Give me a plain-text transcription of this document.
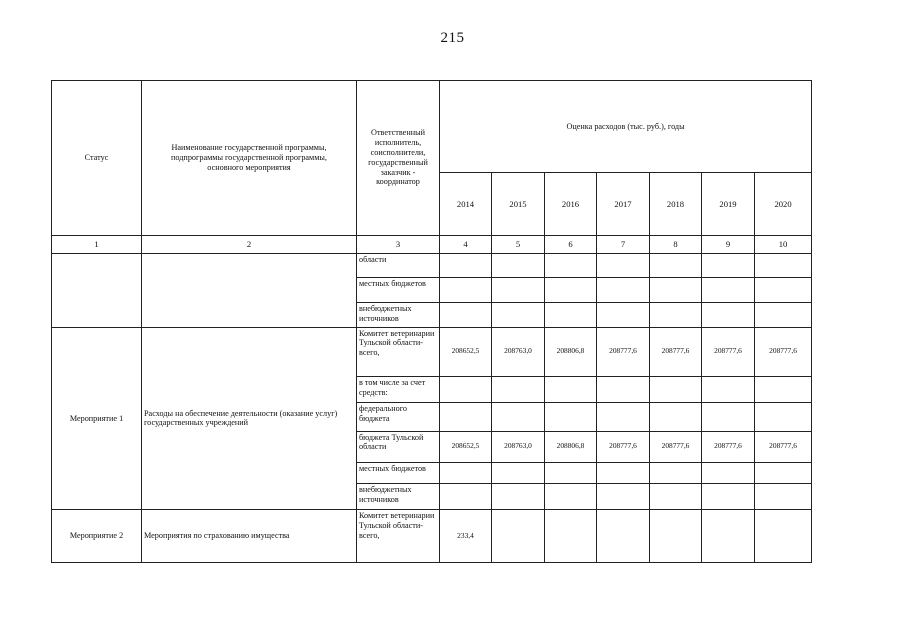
215
Статус	Наименование государственной программы, подпрограммы государственной программы, основного мероприятия	Ответственный исполнитель, соисполнители, государственный заказчик - координатор	Оценка расходов (тыс. руб.), годы						
			2014	2015	2016	2017	2018	2019	2020
1	2	3	4	5	6	7	8	9	10
		области							
		местных бюджетов							
		внебюджетных источников							
Мероприятие 1	Расходы на обеспечение деятельности (оказание услуг) государственных учреждений	Комитет ветеринарии Тульской области- всего,	208652,5	208763,0	208806,8	208777,6	208777,6	208777,6	208777,6
		в том числе за счет средств:							
		федерального бюджета							
		бюджета Тульской области	208652,5	208763,0	208806,8	208777,6	208777,6	208777,6	208777,6
		местных бюджетов							
		внебюджетных источников							
Мероприятие 2	Мероприятия по страхованию имущества	Комитет ветеринарии Тульской области- всего,	233,4						
